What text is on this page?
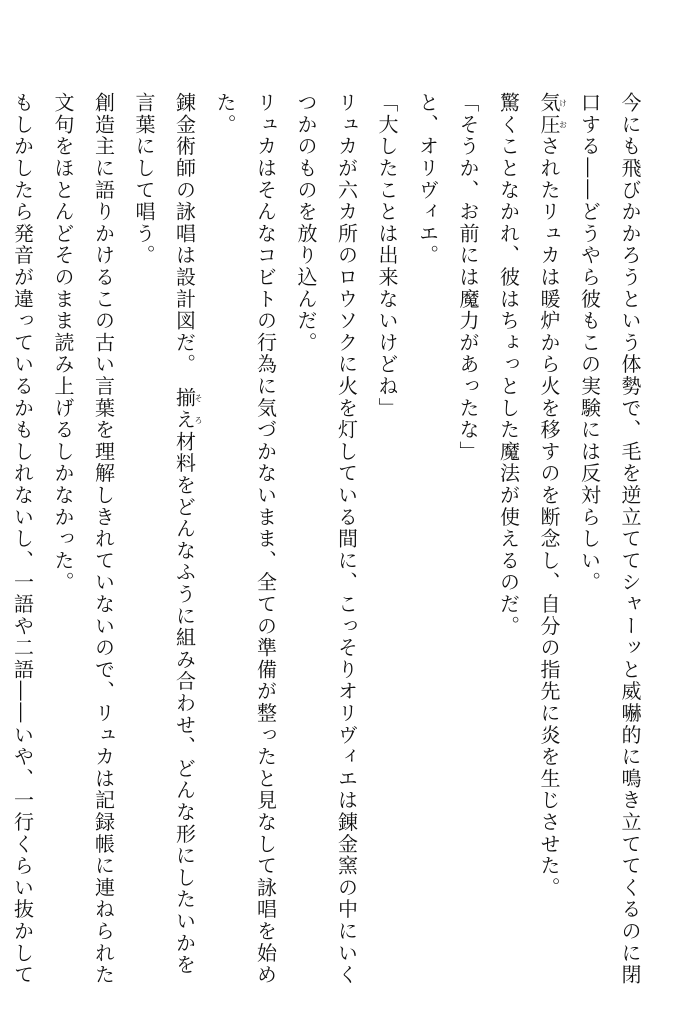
今にも飛びかかろうという体勢で、毛を逆立ててシャーッと威嚇的に鳴き立ててくるのに閉
口する――どうやら彼もこの実験には反対らしい。
気圧けおされたリュカは暖炉から火を移すのを断念し、自分の指先に炎を生じさせた。
驚くことなかれ、彼はちょっとした魔法が使えるのだ。
「そうか、お前には魔力があったな」
と、オリヴィエ。
「大したことは出来ないけどね」
リュカが六カ所のロウソクに火を灯している間に、こっそりオリヴィエは錬金窯の中にいく
つかのものを放り込んだ。
リュカはそんなコビトの行為に気づかないまま、全ての準備が整ったと見なして詠唱を始め
た。
錬金術師の詠唱は設計図だ。　揃えそろ材料をどんなふうに組み合わせ、どんな形にしたいかを
言葉にして唱う。
創造主に語りかけるこの古い言葉を理解しきれていないので、リュカは記録帳に連ねられた
文句をほとんどそのまま読み上げるしかなかった。
もしかしたら発音が違っているかもしれないし、一語や二語――いや、一行くらい抜かして
